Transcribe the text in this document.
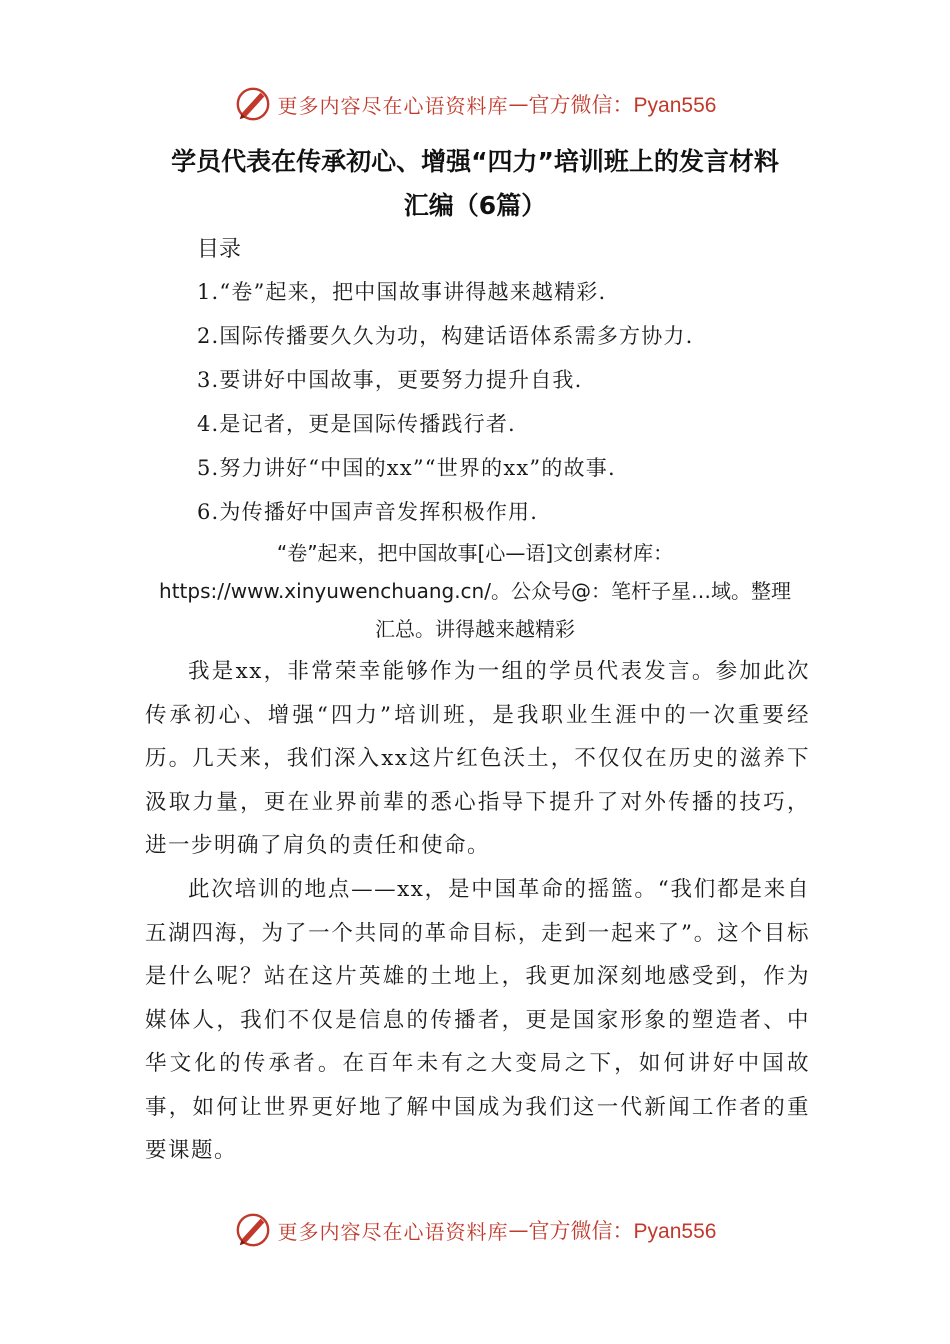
更多内容尽在心语资料库 — 官方微信：Pyan556
学员代表在传承初心、增强“四力”培训班上的发言材料
汇编（6篇）
目录
1.“卷”起来，把中国故事讲得越来越精彩.
2.国际传播要久久为功，构建话语体系需多方协力.
3.要讲好中国故事，更要努力提升自我.
4.是记者，更是国际传播践行者.
5.努力讲好“中国的xx”“世界的xx”的故事.
6.为传播好中国声音发挥积极作用.
“卷”起来，把中国故事[心—语]文创素材库：https://www.xinyuwenchuang.cn/。公众号@：笔杆子星…域。整理汇总。讲得越来越精彩

我是xx，非常荣幸能够作为一组的学员代表发言。参加此次传承初心、增强“四力”培训班，是我职业生涯中的一次重要经历。几天来，我们深入xx这片红色沃土，不仅仅在历史的滋养下汲取力量，更在业界前辈的悉心指导下提升了对外传播的技巧，进一步明确了肩负的责任和使命。

此次培训的地点——xx，是中国革命的摇篮。“我们都是来自五湖四海，为了一个共同的革命目标，走到一起来了”。这个目标是什么呢？站在这片英雄的土地上，我更加深刻地感受到，作为媒体人，我们不仅是信息的传播者，更是国家形象的塑造者、中华文化的传承者。在百年未有之大变局之下，如何讲好中国故事，如何让世界更好地了解中国成为我们这一代新闻工作者的重要课题。

更多内容尽在心语资料库 — 官方微信：Pyan556
